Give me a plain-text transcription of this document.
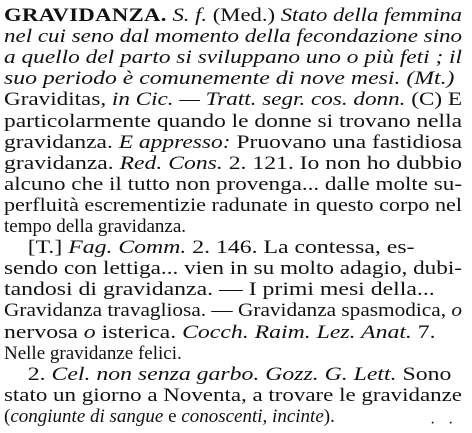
GRAVIDANZA. S. f. (Med.) Stato della femmina
nel cui seno dal momento della fecondazione sino
a quello del parto si sviluppano uno o più feti ; il
suo periodo è comunemente di nove mesi. (Mt.)
Graviditas, in Cic. — Tratt. segr. cos. donn. (C) E
particolarmente quando le donne si trovano nella
gravidanza. E appresso: Pruovano una fastidiosa
gravidanza. Red. Cons. 2. 121. Io non ho dubbio
alcuno che il tutto non provenga... dalle molte su-
perfluità escrementizie radunate in questo corpo nel
tempo della gravidanza.
[T.] Fag. Comm. 2. 146. La contessa, es-
sendo con lettiga... vien in su molto adagio, dubi-
tandosi di gravidanza. — I primi mesi della...
Gravidanza travagliosa. — Gravidanza spasmodica, o
nervosa o isterica. Cocch. Raim. Lez. Anat. 7.
Nelle gravidanze felici.
2. Cel. non senza garbo. Gozz. G. Lett. Sono
stato un giorno a Noventa, a trovare le gravidanze
(congiunte di sangue e conoscenti, incinte).	· ·
